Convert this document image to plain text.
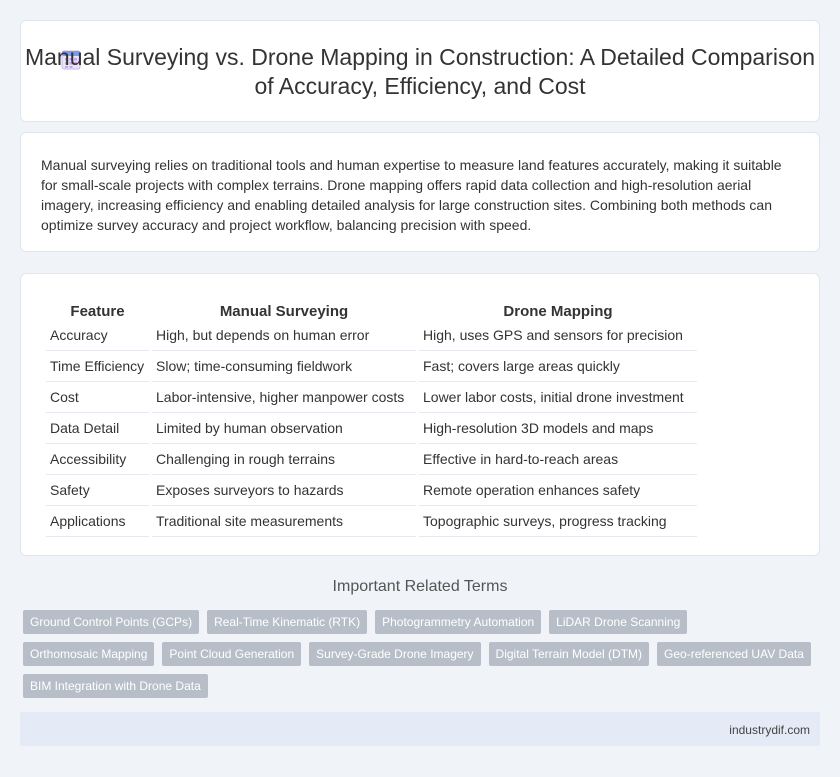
Manual Surveying vs. Drone Mapping in Construction: A Detailed Comparison of Accuracy, Efficiency, and Cost

Manual surveying relies on traditional tools and human expertise to measure land features accurately, making it suitable for small-scale projects with complex terrains. Drone mapping offers rapid data collection and high-resolution aerial imagery, increasing efficiency and enabling detailed analysis for large construction sites. Combining both methods can optimize survey accuracy and project workflow, balancing precision with speed.

Feature	Manual Surveying	Drone Mapping
Accuracy	High, but depends on human error	High, uses GPS and sensors for precision
Time Efficiency	Slow; time-consuming fieldwork	Fast; covers large areas quickly
Cost	Labor-intensive, higher manpower costs	Lower labor costs, initial drone investment
Data Detail	Limited by human observation	High-resolution 3D models and maps
Accessibility	Challenging in rough terrains	Effective in hard-to-reach areas
Safety	Exposes surveyors to hazards	Remote operation enhances safety
Applications	Traditional site measurements	Topographic surveys, progress tracking
Important Related Terms
Ground Control Points (GCPs)	Real-Time Kinematic (RTK)	Photogrammetry Automation	LiDAR Drone Scanning
Orthomosaic Mapping	Point Cloud Generation	Survey-Grade Drone Imagery	Digital Terrain Model (DTM)	Geo-referenced UAV Data
BIM Integration with Drone Data
industrydif.com
